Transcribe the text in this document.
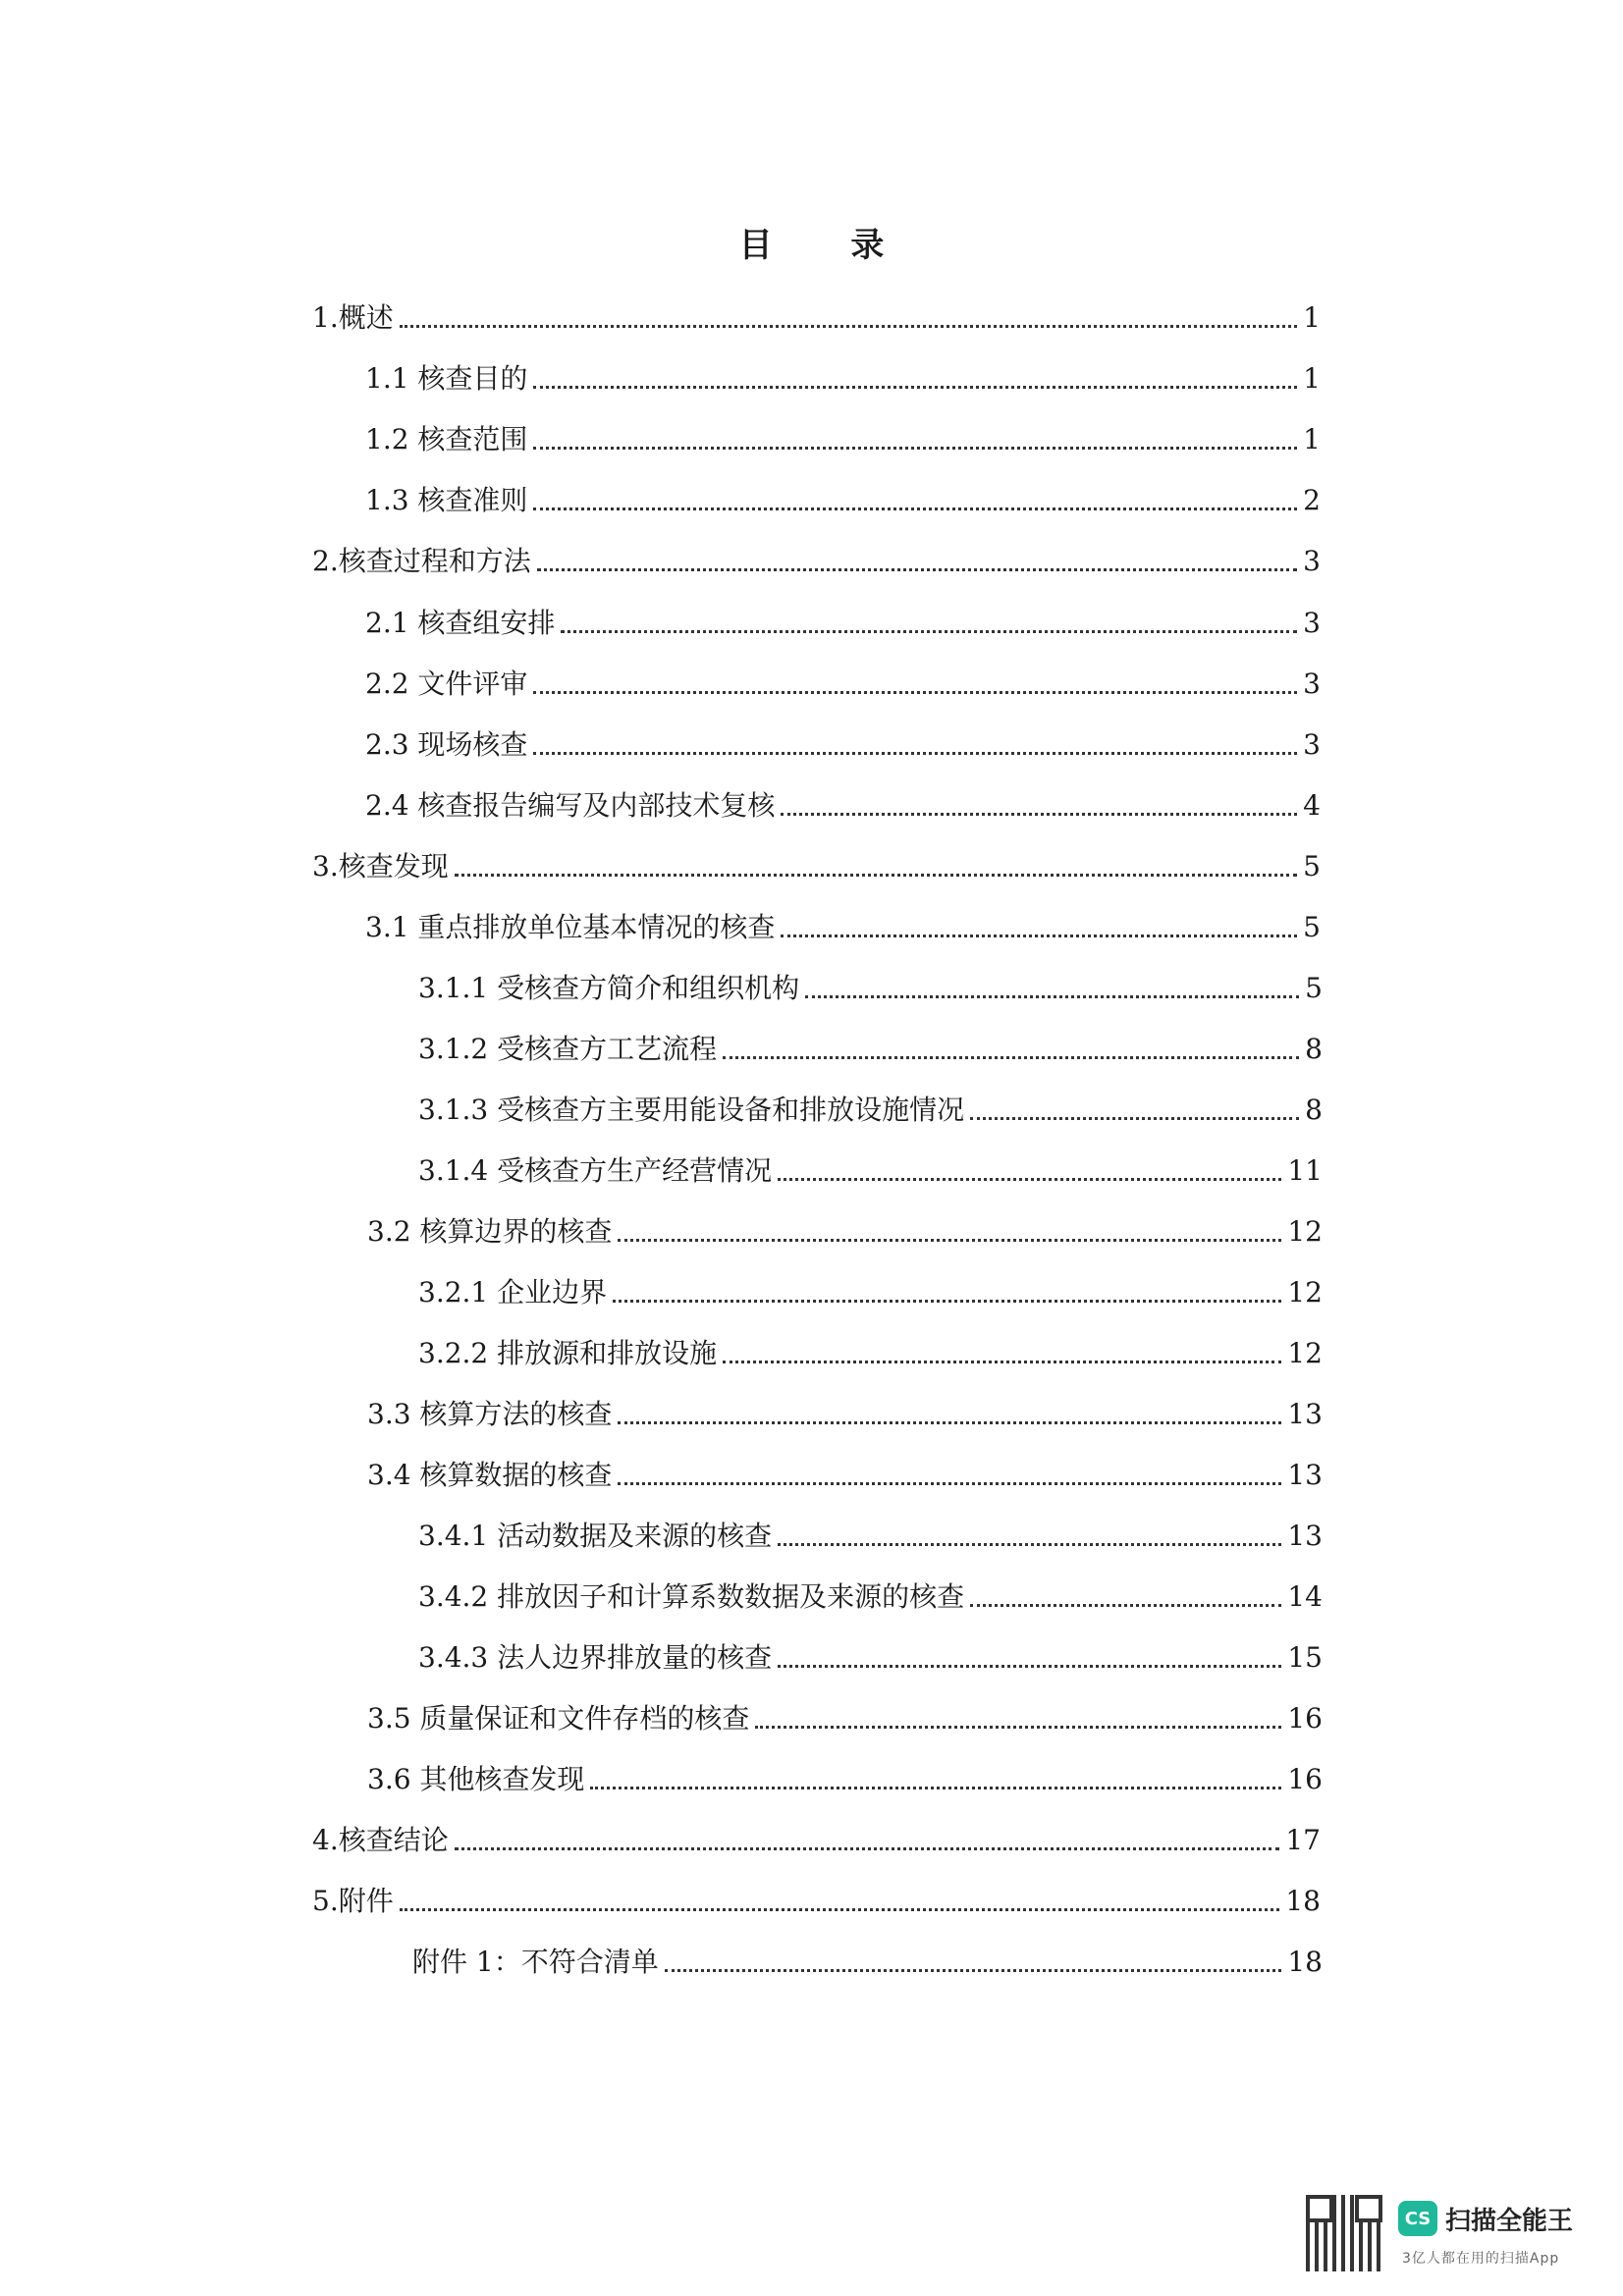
目 录
1.概述	1
1.1 核查目的	1
1.2 核查范围	1
1.3 核查准则	2
2.核查过程和方法	3
2.1 核查组安排	3
2.2 文件评审	3
2.3 现场核查	3
2.4 核查报告编写及内部技术复核	4
3.核查发现	5
3.1 重点排放单位基本情况的核查	5
3.1.1 受核查方简介和组织机构	5
3.1.2 受核查方工艺流程	8
3.1.3 受核查方主要用能设备和排放设施情况	8
3.1.4 受核查方生产经营情况	11
3.2 核算边界的核查	12
3.2.1 企业边界	12
3.2.2 排放源和排放设施	12
3.3 核算方法的核查	13
3.4 核算数据的核查	13
3.4.1 活动数据及来源的核查	13
3.4.2 排放因子和计算系数数据及来源的核查	14
3.4.3 法人边界排放量的核查	15
3.5 质量保证和文件存档的核查	16
3.6 其他核查发现	16
4.核查结论	17
5.附件	18
附件 1：不符合清单	18
CS 扫描全能王
3亿人都在用的扫描App
